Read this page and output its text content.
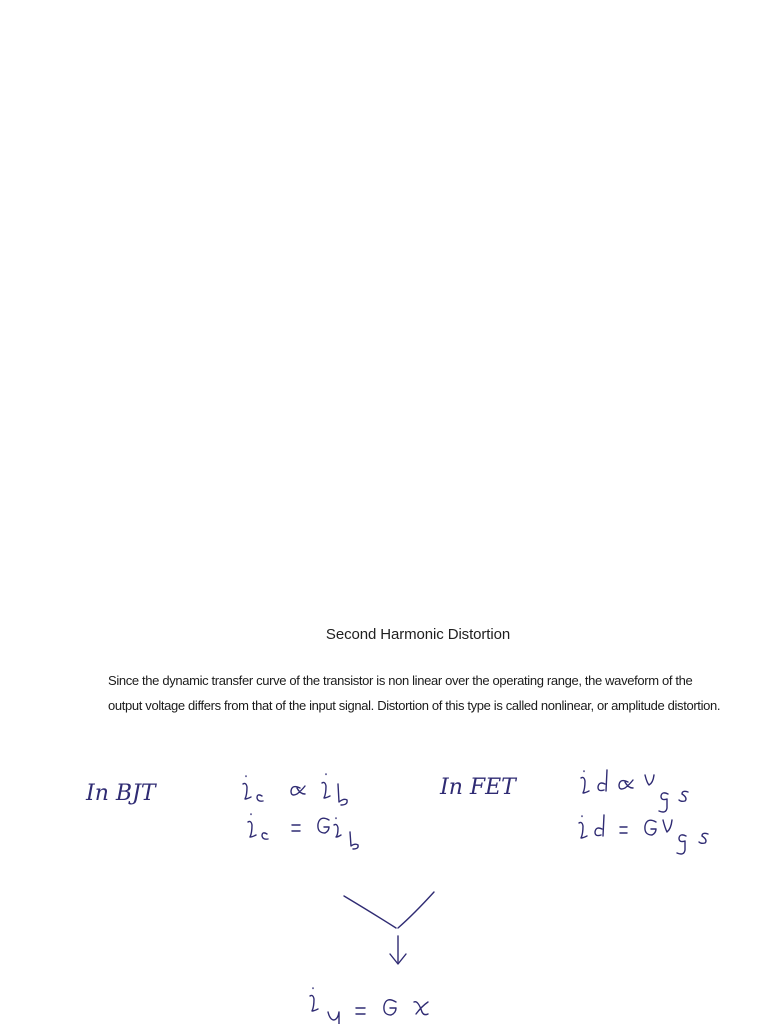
Second Harmonic Distortion

Since the dynamic transfer curve of the transistor is non linear over the operating range, the waveform of the output voltage differs from that of the input signal. Distortion of this type is called nonlinear, or amplitude distortion.

In BJT	In FET
